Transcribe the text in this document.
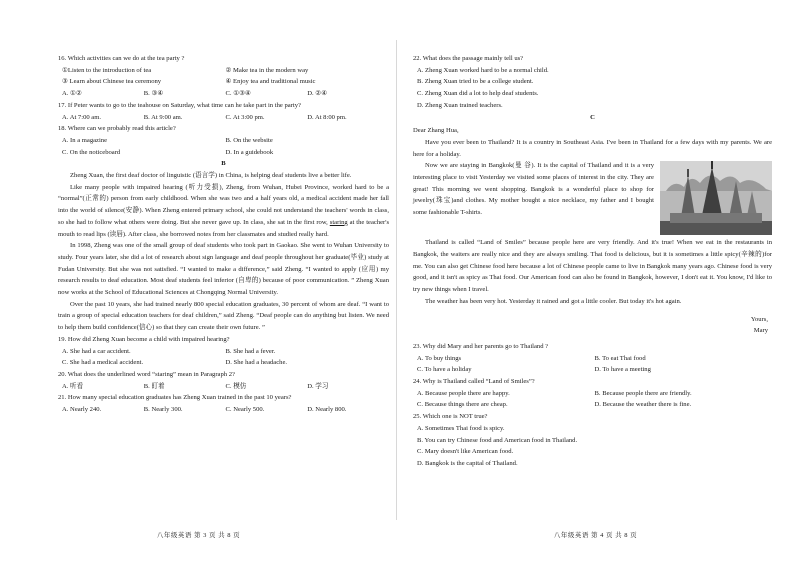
16. Which activities can we do at the tea party ?

①Listen to the introduction of tea	② Make tea in the modern way
③ Learn about Chinese tea ceremony	④ Enjoy tea and traditional music
A. ①②	B. ③④	C. ①③④	D. ②④

17. If Peter wants to go to the teahouse on Saturday, what time can he take part in the party?

A. At 7:00 am.	B. At 9:00 am.	C. At 3:00 pm.	D. At 8:00 pm.

18. Where can we probably read this article?

A. In a magazine	B. On the website
C. On the noticeboard	D. In a guidebook

B

Zheng Xuan, the first deaf doctor of linguistic (语言学) in China, is helping deaf students live a better life.

Like many people with impaired hearing (听力受损), Zheng, from Wuhan, Hubei Province, worked hard to be a “normal”(正常的) person from early childhood. When she was two and a half years old, a medical accident made her fall into the world of silence(安静). When Zheng entered primary school, she could not understand the teachers' words in class, so she had to follow what others were doing. But she never gave up. In class, she sat in the first row, staring at the teacher's mouth to read lips (读唇). After class, she borrowed notes from her classmates and studied really hard.

In 1998, Zheng was one of the small group of deaf students who took part in Gaokao. She went to Wuhan University to study. Four years later, she did a lot of research about sign language and deaf people throughout her graduate(毕业) study at Fudan University. But she was not satisfied. “I wanted to make a difference,” said Zheng. “I wanted to apply (应用) my research results to deaf education. Most deaf students feel inferior (自卑的) because of poor communication. ” Zheng Xuan now works at the School of Educational Sciences at Chongqing Normal University.

Over the past 10 years, she had trained nearly 800 special education graduates, 30 percent of whom are deaf. “I want to train a group of special education teachers for deaf children,” said Zheng. “Deaf people can do anything but listen. We need to help them build confidence(信心) so that they can create their own future. ”

19. How did Zheng Xuan become a child with impaired hearing?

A. She had a car accident.	B. She had a fever.
C. She had a medical accident.	D. She had a headache.

20. What does the underlined word “staring” mean in Paragraph 2?

A. 听看	B. 盯着	C. 模仿	D. 学习

21. How many special education graduates has Zheng Xuan trained in the past 10 years?

A. Nearly 240.	B. Nearly 300.	C. Nearly 500.	D. Nearly 800.
八年级英语 第 3 页 共 8 页

22. What does the passage mainly tell us?

A. Zheng Xuan worked hard to be a normal child.
B. Zheng Xuan tried to be a college student.
C. Zheng Xuan did a lot to help deaf students.
D. Zheng Xuan trained teachers.

C

Dear Zhang Hua,

Have you ever been to Thailand? It is a country in Southeast Asia. I've been in Thailand for a few days with my parents. We are here for a holiday.

Now we are staying in Bangkok(曼 谷). It is the capital of Thailand and it is a very interesting place to visit Yesterday we visited some places of interest in the city. They are great! This morning we went shopping. Bangkok is a wonderful place to shop for jewelry(珠宝)and clothes. My mother bought a nice necklace, my father and I bought some fashionable T-shirts.

Thailand is called “Land of Smiles” because people here are very friendly. And it's true! When we eat in the restaurants in Bangkok, the waiters are really nice and they are always smiling. Thai food is delicious, but it is sometimes a little spicy(辛辣的)for me. You can also get Chinese food here because a lot of Chinese people came to live in Bangkok many years ago. Chinese food is very good, and it isn't as spicy as Thai food. Our American food can also be found in Bangkok, however, I don't eat it. You know, I'd like to try new things when I travel.

The weather has been very hot. Yesterday it rained and got a little cooler. But today it's hot again.

Yours,

Mary

23. Why did Mary and her parents go to Thailand ?

A. To buy things	B. To eat Thai food
C. To have a holiday	D. To have a meeting

24. Why is Thailand called “Land of Smiles”?

A. Because people there are happy.	B. Because people there are friendly.
C. Because things there are cheap.	D. Because the weather there is fine.

25. Which one is NOT true?

A. Sometimes Thai food is spicy.
B. You can try Chinese food and American food in Thailand.
C. Mary doesn't like American food.
D. Bangkok is the capital of Thailand.
八年级英语 第 4 页 共 8 页
